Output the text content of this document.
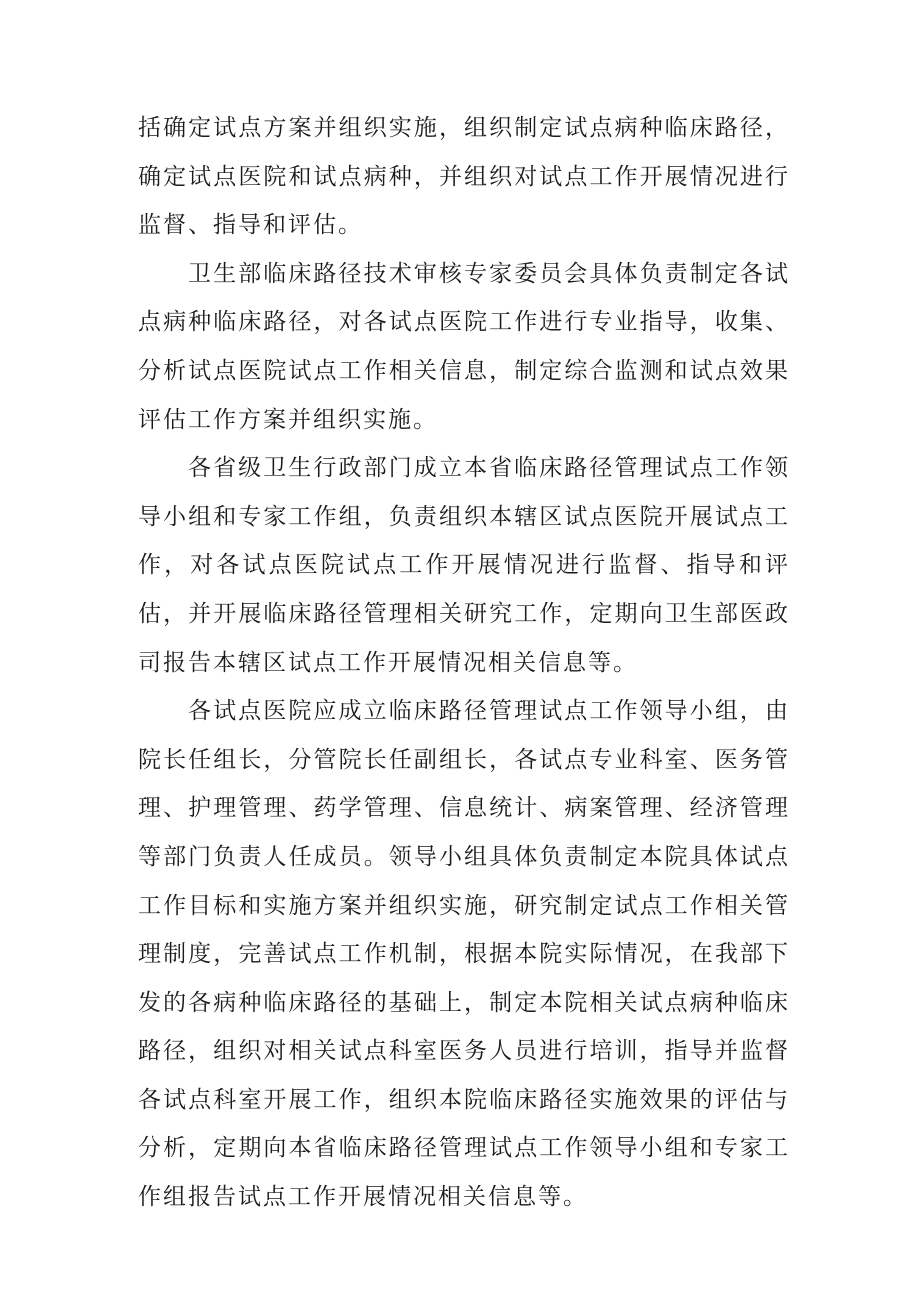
括确定试点方案并组织实施，组织制定试点病种临床路径，确定试点医院和试点病种，并组织对试点工作开展情况进行监督、指导和评估。

卫生部临床路径技术审核专家委员会具体负责制定各试点病种临床路径，对各试点医院工作进行专业指导，收集、分析试点医院试点工作相关信息，制定综合监测和试点效果评估工作方案并组织实施。

各省级卫生行政部门成立本省临床路径管理试点工作领导小组和专家工作组，负责组织本辖区试点医院开展试点工作，对各试点医院试点工作开展情况进行监督、指导和评估，并开展临床路径管理相关研究工作，定期向卫生部医政司报告本辖区试点工作开展情况相关信息等。

各试点医院应成立临床路径管理试点工作领导小组，由院长任组长，分管院长任副组长，各试点专业科室、医务管理、护理管理、药学管理、信息统计、病案管理、经济管理等部门负责人任成员。领导小组具体负责制定本院具体试点工作目标和实施方案并组织实施，研究制定试点工作相关管理制度，完善试点工作机制，根据本院实际情况，在我部下发的各病种临床路径的基础上，制定本院相关试点病种临床路径，组织对相关试点科室医务人员进行培训，指导并监督各试点科室开展工作，组织本院临床路径实施效果的评估与分析，定期向本省临床路径管理试点工作领导小组和专家工作组报告试点工作开展情况相关信息等。
